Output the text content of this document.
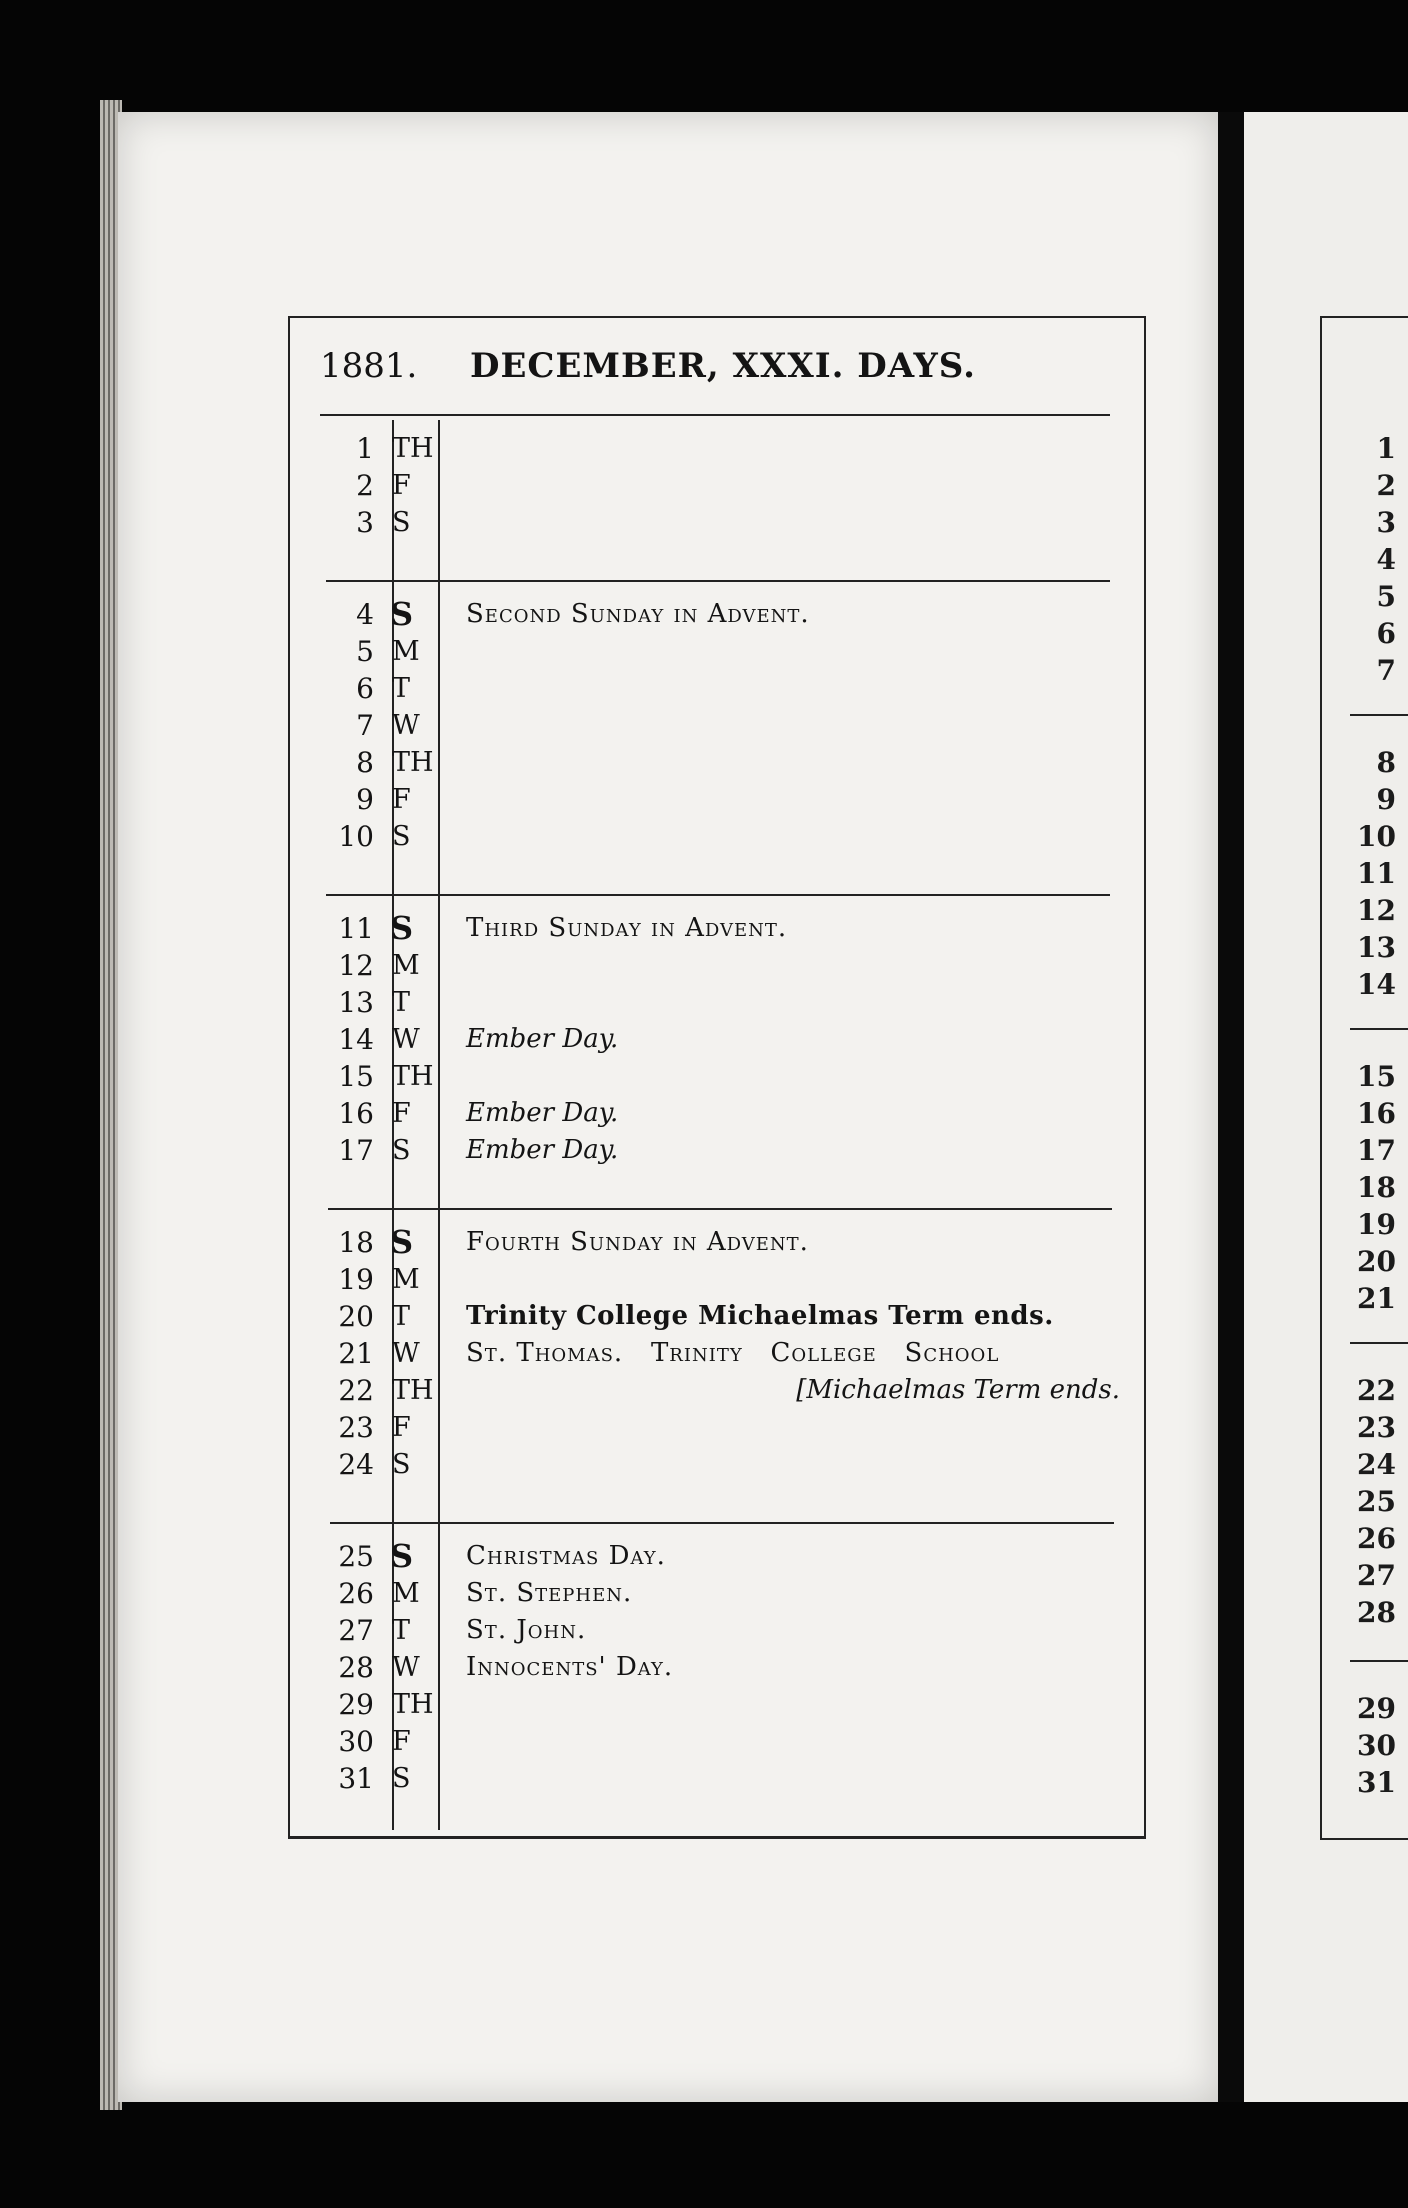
1881. DECEMBER, XXXI. DAYS.
1 TH
2 F
3 S
4 S Second Sunday in Advent.
5 M
6 T
7 W
8 TH
9 F
10 S
11 S Third Sunday in Advent.
12 M
13 T
14 W Ember Day.
15 TH
16 F Ember Day.
17 S Ember Day.
18 S Fourth Sunday in Advent.
19 M
20 T Trinity College Michaelmas Term ends.
21 W St. Thomas.   Trinity   College   School
22 TH	[Michaelmas Term ends.
23 F
24 S
25 S Christmas Day.
26 M St. Stephen.
27 T St. John.
28 W Innocents' Day.
29 TH
30 F
31 S
1
2
3
4
5
6
7
8
9
10
11
12
13
14
15
16
17
18
19
20
21
22
23
24
25
26
27
28
29
30
31
